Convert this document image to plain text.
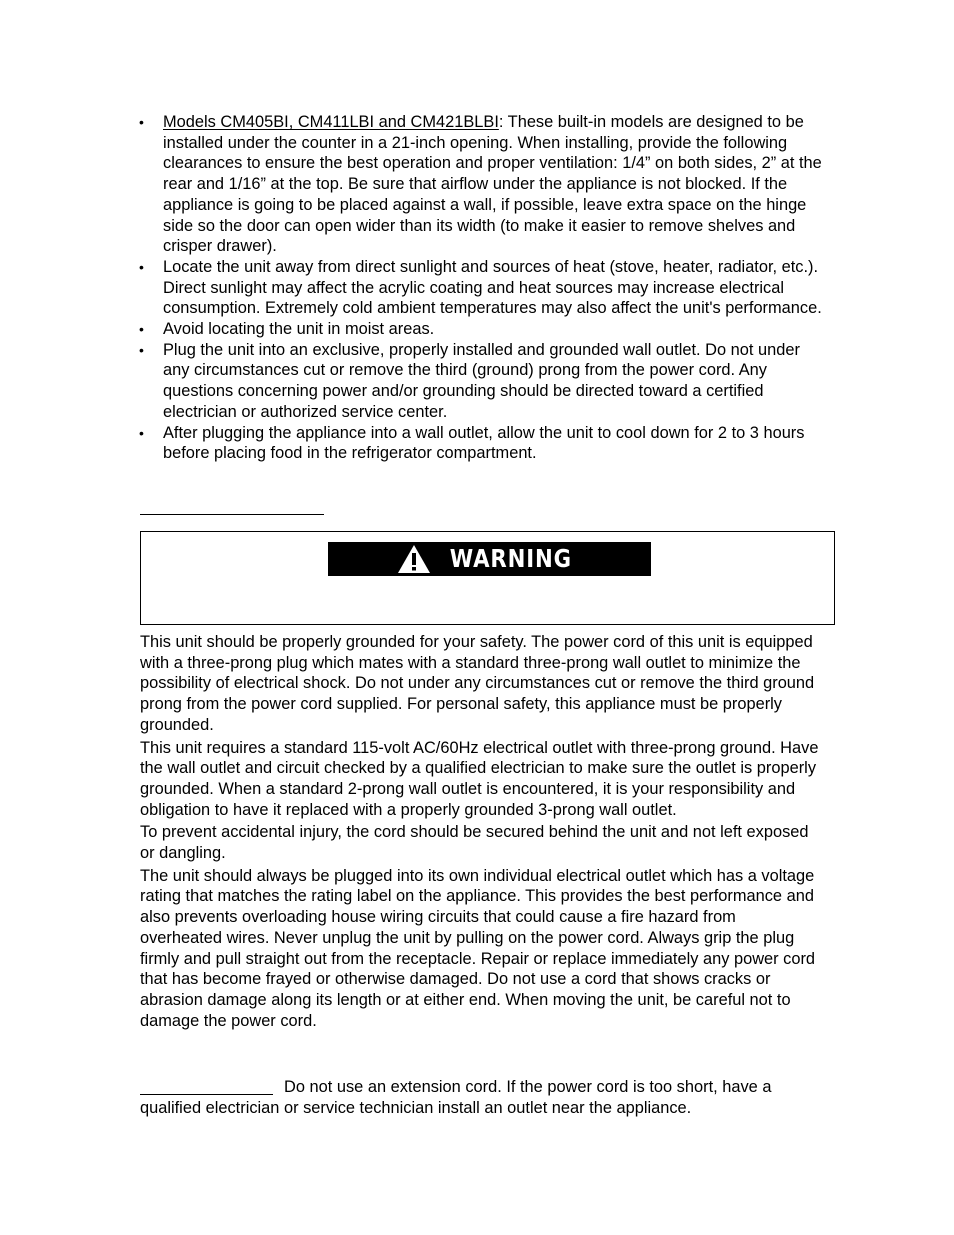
• Models CM405BI, CM411LBI and CM421BLBI: These built-in models are designed to be installed under the counter in a 21-inch opening. When installing, provide the following clearances to ensure the best operation and proper ventilation: 1/4” on both sides, 2” at the rear and 1/16” at the top. Be sure that airflow under the appliance is not blocked. If the appliance is going to be placed against a wall, if possible, leave extra space on the hinge side so the door can open wider than its width (to make it easier to remove shelves and crisper drawer).
• Locate the unit away from direct sunlight and sources of heat (stove, heater, radiator, etc.). Direct sunlight may affect the acrylic coating and heat sources may increase electrical consumption. Extremely cold ambient temperatures may also affect the unit's performance.
• Avoid locating the unit in moist areas.
• Plug the unit into an exclusive, properly installed and grounded wall outlet. Do not under any circumstances cut or remove the third (ground) prong from the power cord. Any questions concerning power and/or grounding should be directed toward a certified electrician or authorized service center.
• After plugging the appliance into a wall outlet, allow the unit to cool down for 2 to 3 hours before placing food in the refrigerator compartment.
WARNING

This unit should be properly grounded for your safety. The power cord of this unit is equipped with a three-prong plug which mates with a standard three-prong wall outlet to minimize the possibility of electrical shock. Do not under any circumstances cut or remove the third ground prong from the power cord supplied. For personal safety, this appliance must be properly grounded.

This unit requires a standard 115-volt AC/60Hz electrical outlet with three-prong ground. Have the wall outlet and circuit checked by a qualified electrician to make sure the outlet is properly grounded. When a standard 2-prong wall outlet is encountered, it is your responsibility and obligation to have it replaced with a properly grounded 3-prong wall outlet.

To prevent accidental injury, the cord should be secured behind the unit and not left exposed or dangling.

The unit should always be plugged into its own individual electrical outlet which has a voltage rating that matches the rating label on the appliance. This provides the best performance and also prevents overloading house wiring circuits that could cause a fire hazard from overheated wires. Never unplug the unit by pulling on the power cord. Always grip the plug firmly and pull straight out from the receptacle. Repair or replace immediately any power cord that has become frayed or otherwise damaged. Do not use a cord that shows cracks or abrasion damage along its length or at either end. When moving the unit, be careful not to damage the power cord.

Do not use an extension cord. If the power cord is too short, have a qualified electrician or service technician install an outlet near the appliance.
